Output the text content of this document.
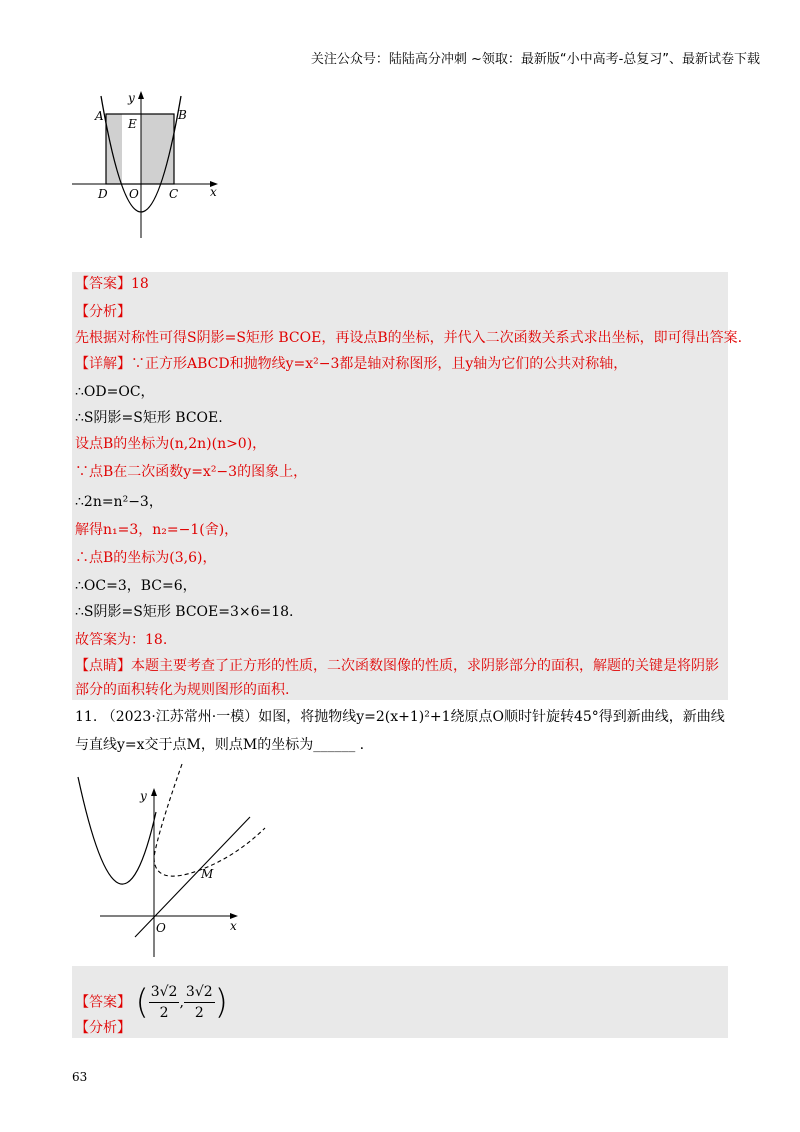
关注公众号：陆陆高分冲刺 ~领取：最新版“小中高考-总复习”、最新试卷下载
A	B
E
D O	C	x
y
【答案】18
【分析】
先根据对称性可得S阴影=S矩形 BCOE，再设点B的坐标，并代入二次函数关系式求出坐标，即可得出答案.
【详解】∵正方形ABCD和抛物线y=x²−3都是轴对称图形，且y轴为它们的公共对称轴，
∴OD=OC，
∴S阴影=S矩形 BCOE.
设点B的坐标为(n,2n)(n>0)，
∵点B在二次函数y=x²−3的图象上，
∴2n=n²−3，
解得n₁=3，n₂=−1(舍)，
∴点B的坐标为(3,6)，
∴OC=3，BC=6，
∴S阴影=S矩形 BCOE=3×6=18.
故答案为：18.
【点睛】本题主要考查了正方形的性质，二次函数图像的性质，求阴影部分的面积，解题的关键是将阴影
部分的面积转化为规则图形的面积.
11. （2023·江苏常州·一模）如图，将抛物线y=2(x+1)²+1绕原点O顺时针旋转45°得到新曲线，新曲线
与直线y=x交于点M，则点M的坐标为______ .
y
x
O
M
【答案】 ( $\frac{3√2}{2}$ , $\frac{3√2}{2}$ )
【分析】
63
